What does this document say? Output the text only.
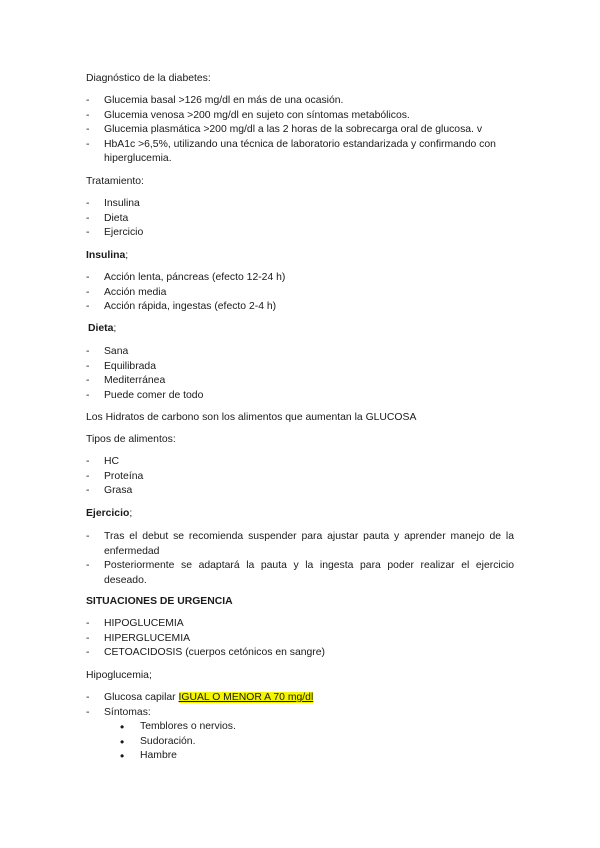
Diagnóstico de la diabetes:
- Glucemia basal >126 mg/dl en más de una ocasión.
- Glucemia venosa >200 mg/dl en sujeto con síntomas metabólicos.
- Glucemia plasmática >200 mg/dl a las 2 horas de la sobrecarga oral de glucosa. v
- HbA1c >6,5%, utilizando una técnica de laboratorio estandarizada y confirmando con
hiperglucemia.
Tratamiento:
- Insulina
- Dieta
- Ejercicio
Insulina;
- Acción lenta, páncreas (efecto 12-24 h)
- Acción media
- Acción rápida, ingestas (efecto 2-4 h)
Dieta;
- Sana
- Equilibrada
- Mediterránea
- Puede comer de todo
Los Hidratos de carbono son los alimentos que aumentan la GLUCOSA
Tipos de alimentos:
- HC
- Proteína
- Grasa
Ejercicio;
- Tras el debut se recomienda suspender para ajustar pauta y aprender manejo de la enfermedad
- Posteriormente se adaptará la pauta y la ingesta para poder realizar el ejercicio deseado.
SITUACIONES DE URGENCIA
- HIPOGLUCEMIA
- HIPERGLUCEMIA
- CETOACIDOSIS (cuerpos cetónicos en sangre)
Hipoglucemia;
- Glucosa capilar IGUAL O MENOR A 70 mg/dl
- Síntomas:
• Temblores o nervios.
• Sudoración.
• Hambre
